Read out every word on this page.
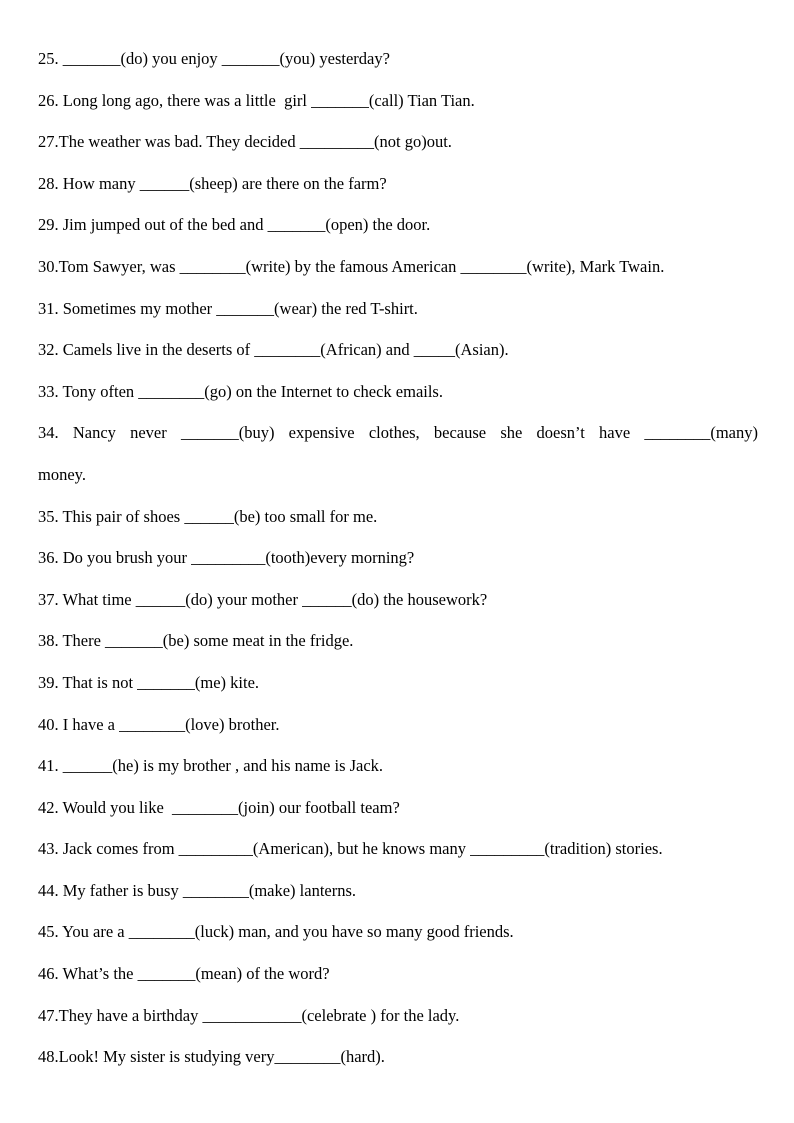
25. _______(do) you enjoy _______(you) yesterday?
26. Long long ago, there was a little  girl _______(call) Tian Tian.
27.The weather was bad. They decided _________(not go)out.
28. How many ______(sheep) are there on the farm?
29. Jim jumped out of the bed and _______(open) the door.
30.Tom Sawyer, was ________(write) by the famous American ________(write), Mark Twain.
31. Sometimes my mother _______(wear) the red T-shirt.
32. Camels live in the deserts of ________(African) and _____(Asian).
33. Tony often ________(go) on the Internet to check emails.
34. Nancy never _______(buy) expensive clothes, because she doesn’t have ________(many)
money.
35. This pair of shoes ______(be) too small for me.
36. Do you brush your _________(tooth)every morning?
37. What time ______(do) your mother ______(do) the housework?
38. There _______(be) some meat in the fridge.
39. That is not _______(me) kite.
40. I have a ________(love) brother.
41. ______(he) is my brother , and his name is Jack.
42. Would you like  ________(join) our football team?
43. Jack comes from _________(American), but he knows many _________(tradition) stories.
44. My father is busy ________(make) lanterns.
45. You are a ________(luck) man, and you have so many good friends.
46. What’s the _______(mean) of the word?
47.They have a birthday ____________(celebrate ) for the lady.
48.Look! My sister is studying very________(hard).
